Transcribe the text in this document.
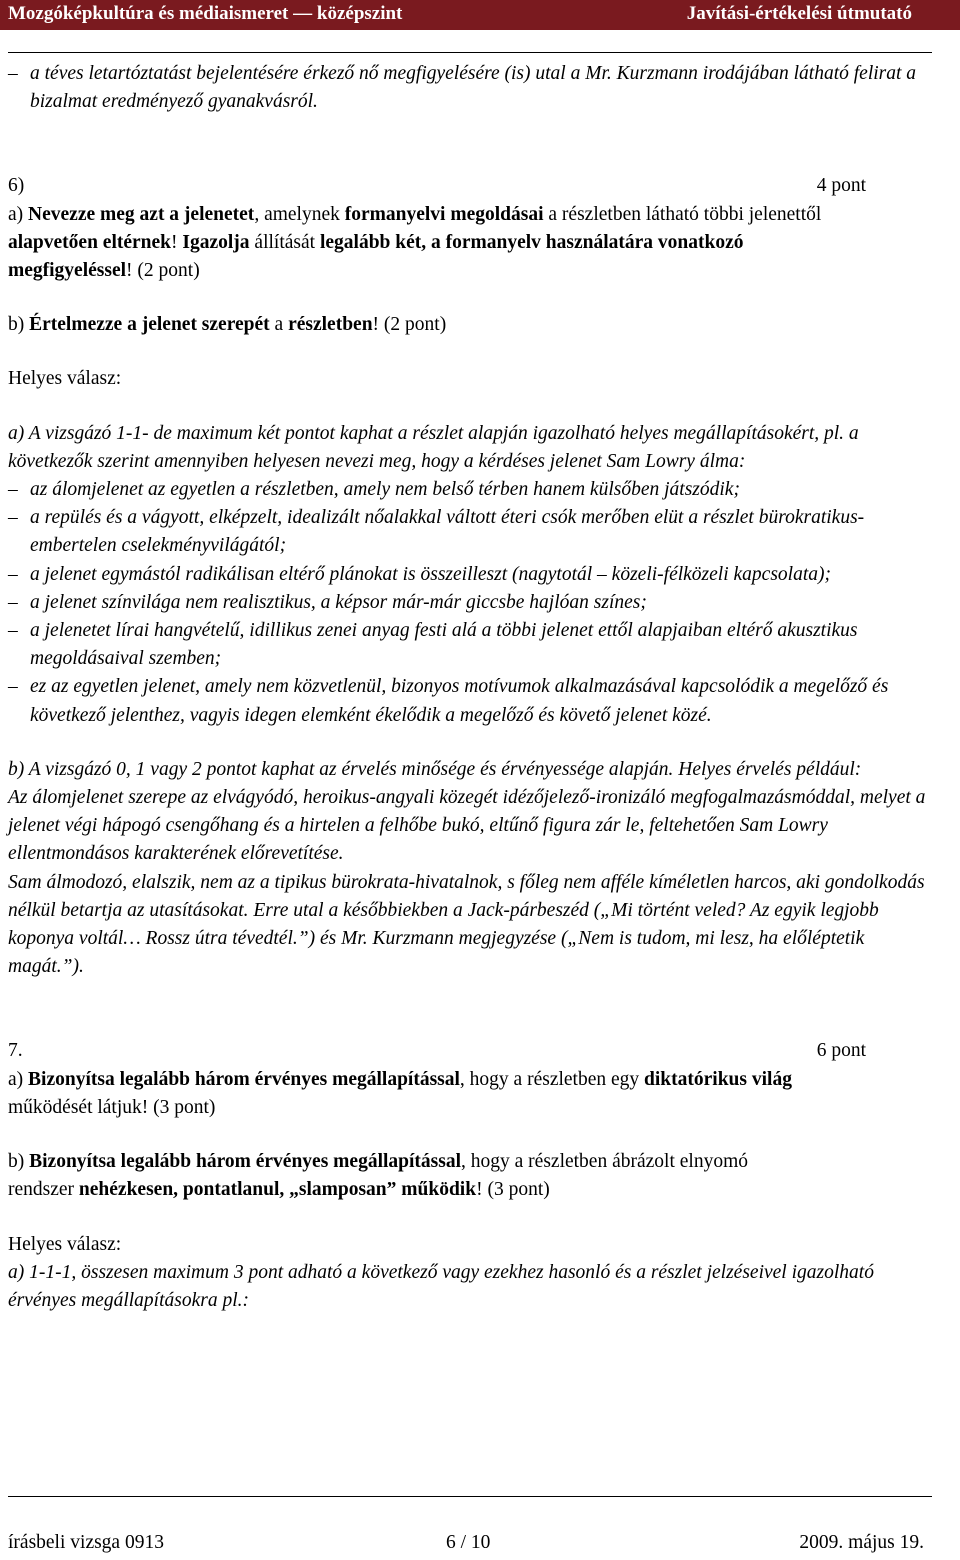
Mozgóképkultúra és médiaismeret — középszint	Javítási-értékelési útmutató
– a téves letartóztatást bejelentésére érkező nő megfigyelésére (is) utal a Mr. Kurzmann irodájában látható felirat a bizalmat eredményező gyanakvásról.
6)	4 pont

a) Nevezze meg azt a jelenetet, amelynek formanyelvi megoldásai a részletben látható többi jelenettől alapvetően eltérnek! Igazolja állítását legalább két, a formanyelv használatára vonatkozó megfigyeléssel! (2 pont)

b) Értelmezze a jelenet szerepét a részletben! (2 pont)

Helyes válasz:

a) A vizsgázó 1-1- de maximum két pontot kaphat a részlet alapján igazolható helyes megállapításokért, pl. a következők szerint amennyiben helyesen nevezi meg, hogy a kérdéses jelenet Sam Lowry álma:

– az álomjelenet az egyetlen a részletben, amely nem belső térben hanem külsőben játszódik;
– a repülés és a vágyott, elképzelt, idealizált nőalakkal váltott éteri csók merőben elüt a részlet bürokratikus-embertelen cselekményvilágától;
– a jelenet egymástól radikálisan eltérő plánokat is összeilleszt (nagytotál – közeli-félközeli kapcsolata);
– a jelenet színvilága nem realisztikus, a képsor már-már giccsbe hajlóan színes;
– a jelenetet lírai hangvételű, idillikus zenei anyag festi alá a többi jelenet ettől alapjaiban eltérő akusztikus megoldásaival szemben;
– ez az egyetlen jelenet, amely nem közvetlenül, bizonyos motívumok alkalmazásával kapcsolódik a megelőző és következő jelenthez, vagyis idegen elemként ékelődik a megelőző és követő jelenet közé.

b) A vizsgázó 0, 1 vagy 2 pontot kaphat az érvelés minősége és érvényessége alapján. Helyes érvelés például:

Az álomjelenet szerepe az elvágyódó, heroikus-angyali közegét idézőjelező-ironizáló megfogalmazásmóddal, melyet a jelenet végi hápogó csengőhang és a hirtelen a felhőbe bukó, eltűnő figura zár le, feltehetően Sam Lowry ellentmondásos karakterének előrevetítése.

Sam álmodozó, elalszik, nem az a tipikus bürokrata-hivatalnok, s főleg nem afféle kíméletlen harcos, aki gondolkodás nélkül betartja az utasításokat. Erre utal a későbbiekben a Jack-párbeszéd („Mi történt veled? Az egyik legjobb koponya voltál… Rossz útra tévedtél.”) és Mr. Kurzmann megjegyzése („Nem is tudom, mi lesz, ha előléptetik magát.”).

7.	6 pont

a) Bizonyítsa legalább három érvényes megállapítással, hogy a részletben egy diktatórikus világ működését látjuk! (3 pont)

b) Bizonyítsa legalább három érvényes megállapítással, hogy a részletben ábrázolt elnyomó rendszer nehézkesen, pontatlanul, „slamposan” működik! (3 pont)

Helyes válasz:

a) 1-1-1, összesen maximum 3 pont adható a következő vagy ezekhez hasonló és a részlet jelzéseivel igazolható érvényes megállapításokra pl.:

írásbeli vizsga 0913	6 / 10	2009. május 19.
